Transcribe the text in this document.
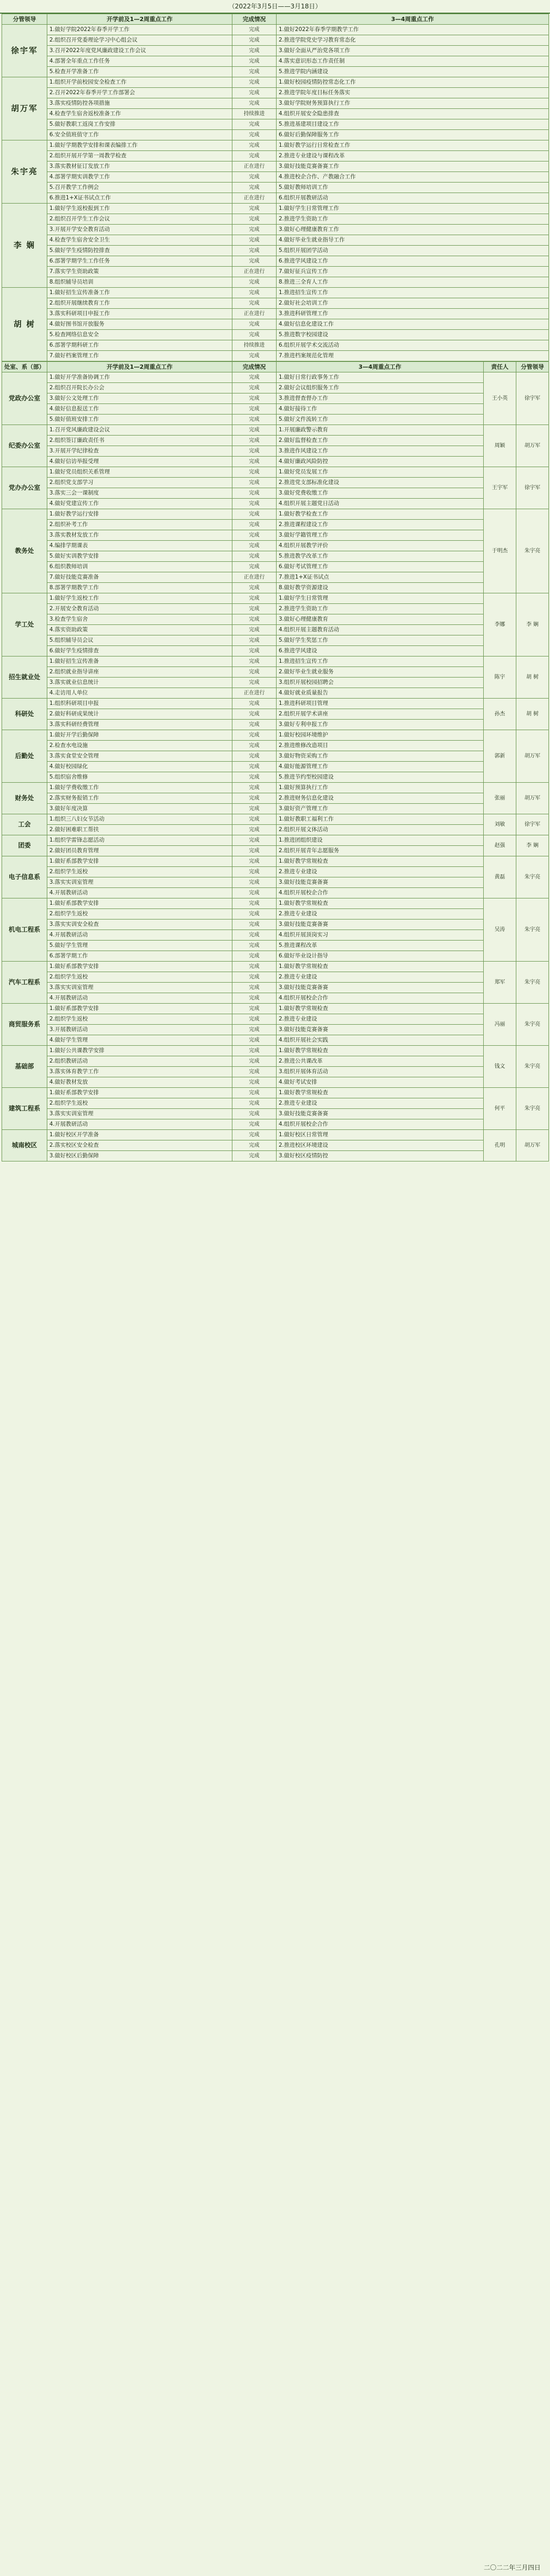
（2022年3月5日——3月18日）
分管领导	开学前及1—2周重点工作	完成情况	3—4周重点工作
徐宇军	1.做好学院2022年春季开学工作	完成	1.做好2022年春季学期教学工作
	2.组织召开党委理论学习中心组会议	完成	2.推进学院党史学习教育常态化
	3.召开2022年度党风廉政建设工作会议	完成	3.做好全面从严治党各项工作
	4.部署全年重点工作任务	完成	4.落实意识形态工作责任制
	5.检查开学准备工作	完成	5.推进学院内涵建设
胡万军	1.组织开学前校园安全检查工作	完成	1.做好校园疫情防控常态化工作
	2.召开2022年春季开学工作部署会	完成	2.推进学院年度目标任务落实
	3.落实疫情防控各项措施	完成	3.做好学院财务预算执行工作
	4.检查学生宿舍返校准备工作	持续推进	4.组织开展安全隐患排查
	5.做好教职工返岗工作安排	完成	5.推进基建项目建设工作
	6.安全值班值守工作	完成	6.做好后勤保障服务工作
朱宇亮	1.做好学期教学安排和课表编排工作	完成	1.做好教学运行日常检查工作
	2.组织开展开学第一周教学检查	完成	2.推进专业建设与课程改革
	3.落实教材征订发放工作	正在进行	3.做好技能竞赛备赛工作
	4.部署学期实训教学工作	完成	4.推进校企合作、产教融合工作
	5.召开教学工作例会	完成	5.做好教师培训工作
	6.推进1+X证书试点工作	正在进行	6.组织开展教研活动
李 娴	1.做好学生返校报到工作	完成	1.做好学生日常管理工作
	2.组织召开学生工作会议	完成	2.推进学生资助工作
	3.开展开学安全教育活动	完成	3.做好心理健康教育工作
	4.检查学生宿舍安全卫生	完成	4.做好毕业生就业指导工作
	5.做好学生疫情防控排查	完成	5.组织开展团学活动
	6.部署学期学生工作任务	完成	6.推进学风建设工作
	7.落实学生资助政策	正在进行	7.做好征兵宣传工作
	8.组织辅导员培训	完成	8.推进三全育人工作
胡 树	1.做好招生宣传准备工作	完成	1.推进招生宣传工作
	2.组织开展继续教育工作	完成	2.做好社会培训工作
	3.落实科研项目申报工作	正在进行	3.推进科研管理工作
	4.做好图书馆开放服务	完成	4.做好信息化建设工作
	5.检查网络信息安全	完成	5.推进数字校园建设
	6.部署学期科研工作	持续推进	6.组织开展学术交流活动
	7.做好档案管理工作	完成	7.推进档案规范化管理
处室、系（部）	开学前及1—2周重点工作	完成情况	3—4周重点工作	责任人	分管领导
党政办公室	1.做好开学准备协调工作	完成	1.做好日常行政事务工作	王小英	徐宇军
	2.组织召开院长办公会	完成	2.做好会议组织服务工作		
	3.做好公文处理工作	完成	3.推进督查督办工作		
	4.做好信息报送工作	完成	4.做好接待工作		
	5.做好值班安排工作	完成	5.做好文件流转工作		
纪委办公室	1.召开党风廉政建设会议	完成	1.开展廉政警示教育	周颖	胡万军
	2.组织签订廉政责任书	完成	2.做好监督检查工作		
	3.开展开学纪律检查	完成	3.推进作风建设工作		
	4.做好信访举报受理	完成	4.做好廉政风险防控		
党办办公室	1.做好党员组织关系管理	完成	1.做好党员发展工作	王宇军	徐宇军
	2.组织党支部学习	完成	2.推进党支部标准化建设		
	3.落实三会一课制度	完成	3.做好党费收缴工作		
	4.做好党建宣传工作	完成	4.组织开展主题党日活动		
教务处	1.做好教学运行安排	完成	1.做好教学检查工作	于明杰	朱宇亮
	2.组织补考工作	完成	2.推进课程建设工作		
	3.落实教材发放工作	完成	3.做好学籍管理工作		
	4.编排学期课表	完成	4.组织开展教学评价		
	5.做好实训教学安排	完成	5.推进教学改革工作		
	6.组织教师培训	完成	6.做好考试管理工作		
	7.做好技能竞赛准备	正在进行	7.推进1+X证书试点		
	8.部署学期教学工作	完成	8.做好教学资源建设		
学工处	1.做好学生返校工作	完成	1.做好学生日常管理	李娜	李 娴
	2.开展安全教育活动	完成	2.推进学生资助工作		
	3.检查学生宿舍	完成	3.做好心理健康教育		
	4.落实资助政策	完成	4.组织开展主题教育活动		
	5.组织辅导员会议	完成	5.做好学生奖惩工作		
	6.做好学生疫情排查	完成	6.推进学风建设		
招生就业处	1.做好招生宣传准备	完成	1.推进招生宣传工作	陈宇	胡 树
	2.组织就业指导讲座	完成	2.做好毕业生就业服务		
	3.落实就业信息统计	完成	3.组织开展校园招聘会		
	4.走访用人单位	正在进行	4.做好就业质量报告		
科研处	1.组织科研项目申报	完成	1.推进科研项目管理	孙杰	胡 树
	2.做好科研成果统计	完成	2.组织开展学术讲座		
	3.落实科研经费管理	完成	3.做好专利申报工作		
后勤处	1.做好开学后勤保障	完成	1.做好校园环境维护	郭新	胡万军
	2.检查水电设施	完成	2.推进维修改造项目		
	3.落实食堂安全管理	完成	3.做好物资采购工作		
	4.做好校园绿化	完成	4.做好能源管理工作		
	5.组织宿舍维修	完成	5.推进节约型校园建设		
财务处	1.做好学费收缴工作	完成	1.做好预算执行工作	张丽	胡万军
	2.落实财务报销工作	完成	2.推进财务信息化建设		
	3.做好年度决算	完成	3.做好资产管理工作		
工会	1.组织三八妇女节活动	完成	1.做好教职工福利工作	刘敏	徐宇军
	2.做好困难职工帮扶	完成	2.组织开展文体活动		
团委	1.组织学雷锋志愿活动	完成	1.推进团组织建设	赵强	李 娴
	2.做好团员教育管理	完成	2.组织开展青年志愿服务		
电子信息系	1.做好系部教学安排	完成	1.做好教学常规检查	黄磊	朱宇亮
	2.组织学生返校	完成	2.推进专业建设		
	3.落实实训室管理	完成	3.做好技能竞赛备赛		
	4.开展教研活动	完成	4.组织开展校企合作		
机电工程系	1.做好系部教学安排	完成	1.做好教学常规检查	吴涛	朱宇亮
	2.组织学生返校	完成	2.推进专业建设		
	3.落实实训安全检查	完成	3.做好技能竞赛备赛		
	4.开展教研活动	完成	4.组织开展顶岗实习		
	5.做好学生管理	完成	5.推进课程改革		
	6.部署学期工作	完成	6.做好毕业设计指导		
汽车工程系	1.做好系部教学安排	完成	1.做好教学常规检查	郑军	朱宇亮
	2.组织学生返校	完成	2.推进专业建设		
	3.落实实训室管理	完成	3.做好技能竞赛备赛		
	4.开展教研活动	完成	4.组织开展校企合作		
商贸服务系	1.做好系部教学安排	完成	1.做好教学常规检查	冯丽	朱宇亮
	2.组织学生返校	完成	2.推进专业建设		
	3.开展教研活动	完成	3.做好技能竞赛备赛		
	4.做好学生管理	完成	4.组织开展社会实践		
基础部	1.做好公共课教学安排	完成	1.做好教学常规检查	钱文	朱宇亮
	2.组织教研活动	完成	2.推进公共课改革		
	3.落实体育教学工作	完成	3.组织开展体育活动		
	4.做好教材发放	完成	4.做好考试安排		
建筑工程系	1.做好系部教学安排	完成	1.做好教学常规检查	何平	朱宇亮
	2.组织学生返校	完成	2.推进专业建设		
	3.落实实训室管理	完成	3.做好技能竞赛备赛		
	4.开展教研活动	完成	4.组织开展校企合作		
城南校区	1.做好校区开学准备	完成	1.做好校区日常管理	孔明	胡万军
	2.落实校区安全检查	完成	2.推进校区环境建设		
	3.做好校区后勤保障	完成	3.做好校区疫情防控		
二〇二二年三月四日
